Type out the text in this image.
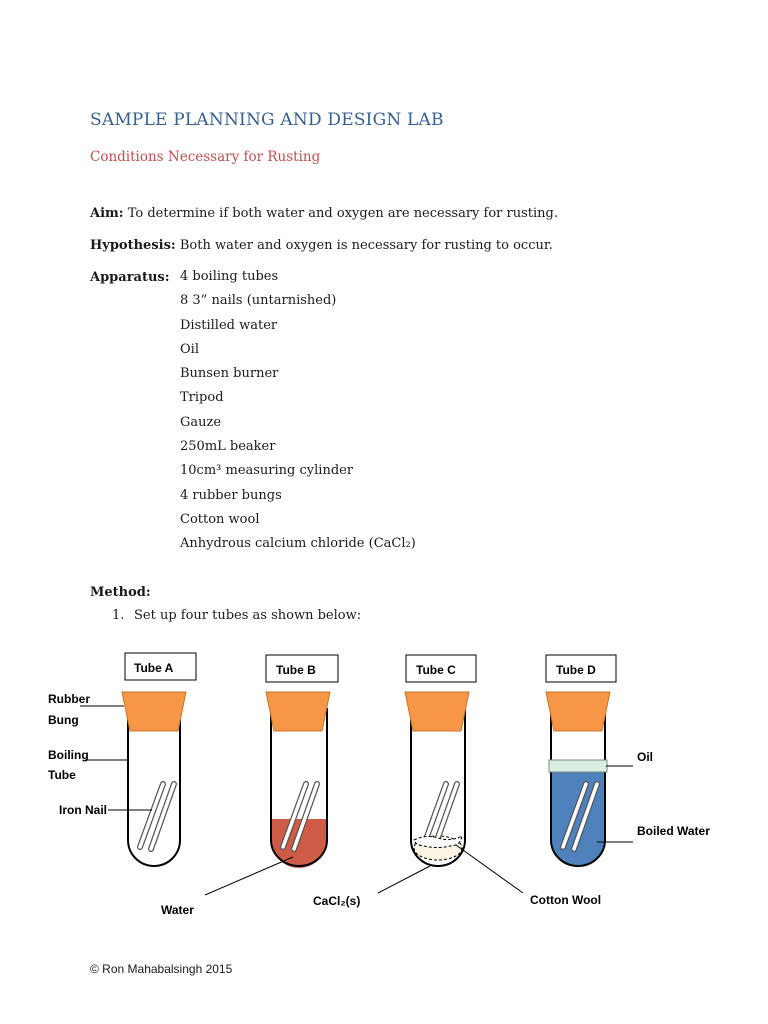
SAMPLE PLANNING AND DESIGN LAB
Conditions Necessary for Rusting
Aim: To determine if both water and oxygen are necessary for rusting.
Hypothesis: Both water and oxygen is necessary for rusting to occur.
Apparatus: 4 boiling tubes
8 3” nails (untarnished)
Distilled water
Oil
Bunsen burner
Tripod
Gauze
250mL beaker
10cm³ measuring cylinder
4 rubber bungs
Cotton wool
Anhydrous calcium chloride (CaCl₂)
Method:
1. Set up four tubes as shown below:
Tube A	Tube B	Tube C	Tube D
Rubber
Bung
Boiling
Tube
Iron Nail
Water
CaCl₂(s)	Cotton Wool
Oil
Boiled Water
© Ron Mahabalsingh 2015
